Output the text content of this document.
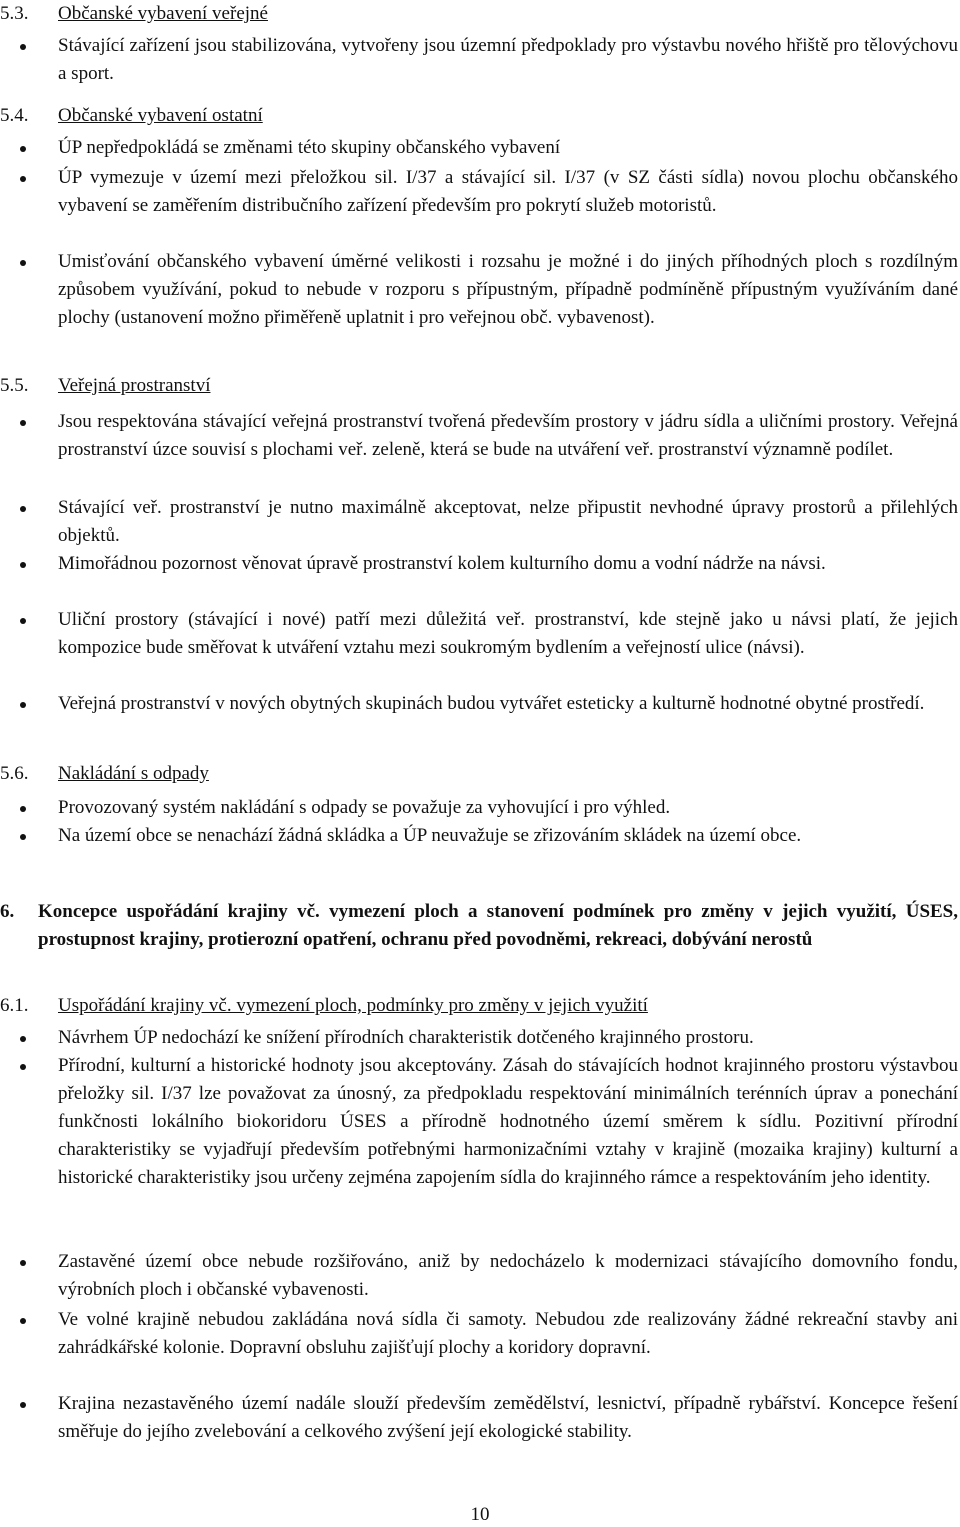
5.3. Občanské vybavení veřejné
Stávající zařízení jsou stabilizována, vytvořeny jsou územní předpoklady pro výstavbu nového hřiště pro tělovýchovu a sport.
5.4. Občanské vybavení ostatní
ÚP nepředpokládá se změnami této skupiny občanského vybavení
ÚP vymezuje v území mezi přeložkou sil. I/37 a stávající sil. I/37 (v SZ části sídla) novou plochu občanského vybavení se zaměřením distribučního zařízení především pro pokrytí služeb motoristů.
Umisťování občanského vybavení úměrné velikosti i rozsahu je možné i do jiných příhodných ploch s rozdílným způsobem využívání, pokud to nebude v rozporu s přípustným, případně podmíněně přípustným využíváním dané plochy (ustanovení možno přiměřeně uplatnit i pro veřejnou obč. vybavenost).
5.5. Veřejná prostranství
Jsou respektována stávající veřejná prostranství tvořená především prostory v jádru sídla a uličními prostory. Veřejná prostranství úzce souvisí s plochami veř. zeleně, která se bude na utváření veř. prostranství významně podílet.
Stávající veř. prostranství je nutno maximálně akceptovat, nelze připustit nevhodné úpravy prostorů a přilehlých objektů.
Mimořádnou pozornost věnovat úpravě prostranství kolem kulturního domu a vodní nádrže na návsi.
Uliční prostory (stávající i nové) patří mezi důležitá veř. prostranství, kde stejně jako u návsi platí, že jejich kompozice bude směřovat k utváření vztahu mezi soukromým bydlením a veřejností ulice (návsi).
Veřejná prostranství v nových obytných skupinách budou vytvářet esteticky a kulturně hodnotné obytné prostředí.
5.6. Nakládání s odpady
Provozovaný systém nakládání s odpady se považuje za vyhovující i pro výhled.
Na území obce se nenachází žádná skládka a ÚP neuvažuje se zřizováním skládek na území obce.
6. Koncepce uspořádání krajiny vč. vymezení ploch a stanovení podmínek pro změny v jejich využití, ÚSES, prostupnost krajiny, protierozní opatření, ochranu před povodněmi, rekreaci, dobývání nerostů
6.1. Uspořádání krajiny vč. vymezení ploch, podmínky pro změny v jejich využití
Návrhem ÚP nedochází ke snížení přírodních charakteristik dotčeného krajinného prostoru.
Přírodní, kulturní a historické hodnoty jsou akceptovány. Zásah do stávajících hodnot krajinného prostoru výstavbou přeložky sil. I/37 lze považovat za únosný, za předpokladu respektování minimálních terénních úprav a ponechání funkčnosti lokálního biokoridoru ÚSES a přírodně hodnotného území směrem k sídlu. Pozitivní přírodní charakteristiky se vyjadřují především potřebnými harmonizačními vztahy v krajině (mozaika krajiny) kulturní a historické charakteristiky jsou určeny zejména zapojením sídla do krajinného rámce a respektováním jeho identity.
Zastavěné území obce nebude rozšiřováno, aniž by nedocházelo k modernizaci stávajícího domovního fondu, výrobních ploch i občanské vybavenosti.
Ve volné krajině nebudou zakládána nová sídla či samoty. Nebudou zde realizovány žádné rekreační stavby ani zahrádkářské kolonie. Dopravní obsluhu zajišťují plochy a koridory dopravní.
Krajina nezastavěného území nadále slouží především zemědělství, lesnictví, případně rybářství. Koncepce řešení směřuje do jejího zvelebování a celkového zvýšení její ekologické stability.
10
